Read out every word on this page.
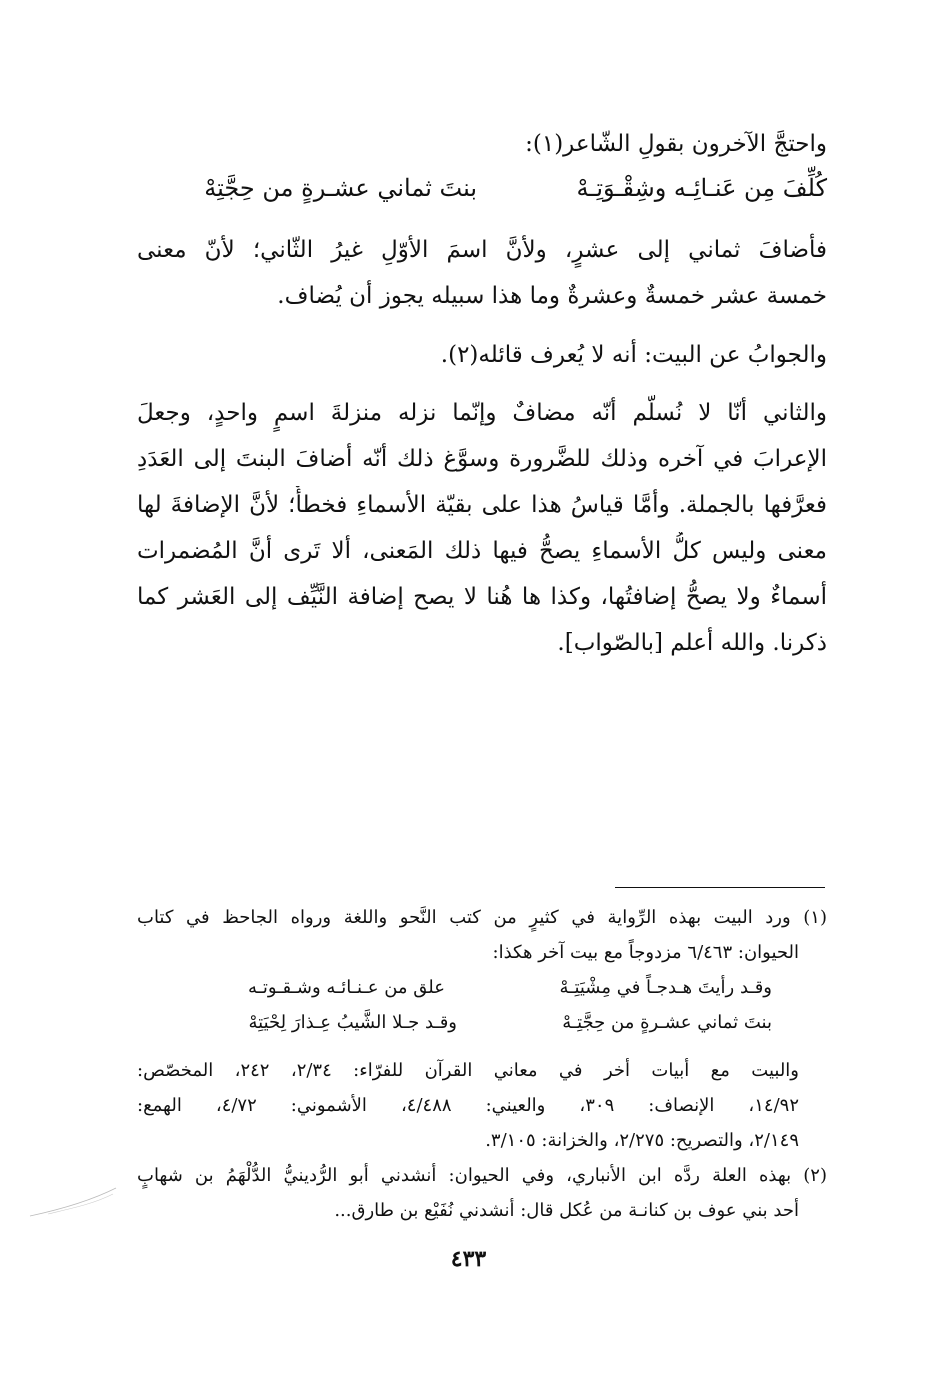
واحتجَّ الآخرون بقولِ الشّاعر(١):
كُلِّفَ مِن عَنـائِـه وشِقْـوَتِـهْ
بنتَ ثماني عشـرةٍ من حِجَّتِهْ
فأضافَ ثماني إلى عشرٍ، ولأنَّ اسمَ الأوّلِ غيرُ الثّاني؛ لأنّ معنى
خمسة عشر خمسةٌ وعشرةٌ وما هذا سبيله يجوز أن يُضاف.
والجوابُ عن البيت: أنه لا يُعرف قائله(٢).
والثاني أنّا لا نُسلّم أنّه مضافٌ وإنّما نزله منزلةَ اسمٍ واحدٍ، وجعلَ
الإعرابَ في آخره وذلك للضَّرورة وسوَّغ ذلك أنّه أضافَ البنتَ إلى العَدَدِ
فعرَّفها بالجملة. وأمَّا قياسُ هذا على بقيّة الأسماءِ فخطأٌ؛ لأنَّ الإضافةَ لها
معنى وليس كلُّ الأسماءِ يصحُّ فيها ذلك المَعنى، ألا تَرى أنَّ المُضمرات
أسماءٌ ولا يصحُّ إضافتُها، وكذا ها هُنا لا يصح إضافة النَّيِّف إلى العَشر كما
ذكرنا. والله أعلم [بالصّواب].
(١) ورد البيت بهذه الرِّواية في كثيرٍ من كتب النَّحو واللغة ورواه الجاحظ في كتاب
الحيوان: ٦/٤٦٣ مزدوجاً مع بيت آخر هكذا:
علق من عـنـائـه وشـقـوتـه	وقـد رأيتَ هـدجـاً في مِشْيَتِـهْ
وقـد جـلا الشَّيبُ عِـذارَ لِحْيَتِهْ	بنتَ ثماني عشـرةٍ من حِجَّتِـهْ
والبيت مع أبيات أخر في معاني القرآن للفرّاء: ٢/٣٤، ٢٤٢، المخصّص:
١٤/٩٢، الإنصاف: ٣٠٩، والعيني: ٤/٤٨٨، الأشموني: ٤/٧٢، الهمع:
٢/١٤٩، والتصريح: ٢/٢٧٥، والخزانة: ٣/١٠٥.
(٢) بهذه العلة ردَّه ابن الأنباري، وفي الحيوان: أنشدني أبو الرُّدينيُّ الدُّلْهَمُ بن شهابٍ
أحد بني عوف بن كنانـة من عُكل قال: أنشدني نُفَيْع بن طارق...
٤٣٣
